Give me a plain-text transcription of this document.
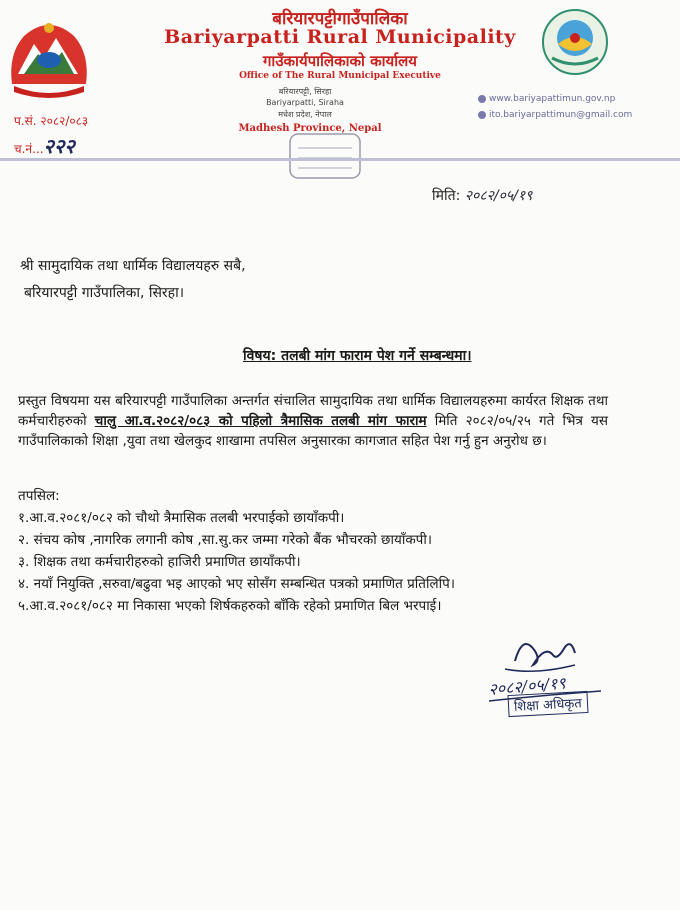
बरियारपट्टीगाउँपालिका
Bariyarpatti Rural Municipality
गाउँकार्यपालिकाको कार्यालय
Office of The Rural Municipal Executive
बरियारपट्टी, सिरहा
Bariyarpatti, Siraha
मधेश प्रदेश, नेपाल
Madhesh Province, Nepal
www.bariyapattimun.gov.np
ito.bariyarpattimun@gmail.com
प.सं. २०८२/०८३
च.नं...२२२
मिति: २०८२/०५/१९
श्री सामुदायिक तथा धार्मिक विद्यालयहरु सबै,
बरियारपट्टी गाउँपालिका, सिरहा।
विषय: तलबी मांग फाराम पेश गर्ने सम्बन्धमा।
प्रस्तुत विषयमा यस बरियारपट्टी गाउँपालिका अन्तर्गत संचालित सामुदायिक तथा धार्मिक विद्यालयहरुमा कार्यरत शिक्षक तथा कर्मचारीहरुको चालु आ.व.२०८२/०८३ को पहिलो त्रैमासिक तलबी मांग फाराम मिति २०८२/०५/२५ गते भित्र यस गाउँपालिकाको शिक्षा ,युवा तथा खेलकुद शाखामा तपसिल अनुसारका कागजात सहित पेश गर्नु हुन अनुरोध छ।
तपसिल:
१.आ.व.२०८१/०८२ को चौथो त्रैमासिक तलबी भरपाईको छायाँकपी।
२. संचय कोष ,नागरिक लगानी कोष ,सा.सु.कर जम्मा गरेको बैंक भौचरको छायाँकपी।
३. शिक्षक तथा कर्मचारीहरुको हाजिरी प्रमाणित छायाँकपी।
४. नयाँ नियुक्ति ,सरुवा/बढुवा भइ आएको भए सोसँग सम्बन्धित पत्रको प्रमाणित प्रतिलिपि।
५.आ.व.२०८१/०८२ मा निकासा भएको शिर्षकहरुको बाँकि रहेको प्रमाणित बिल भरपाई।
२०८२/०५/१९
शिक्षा अधिकृत
